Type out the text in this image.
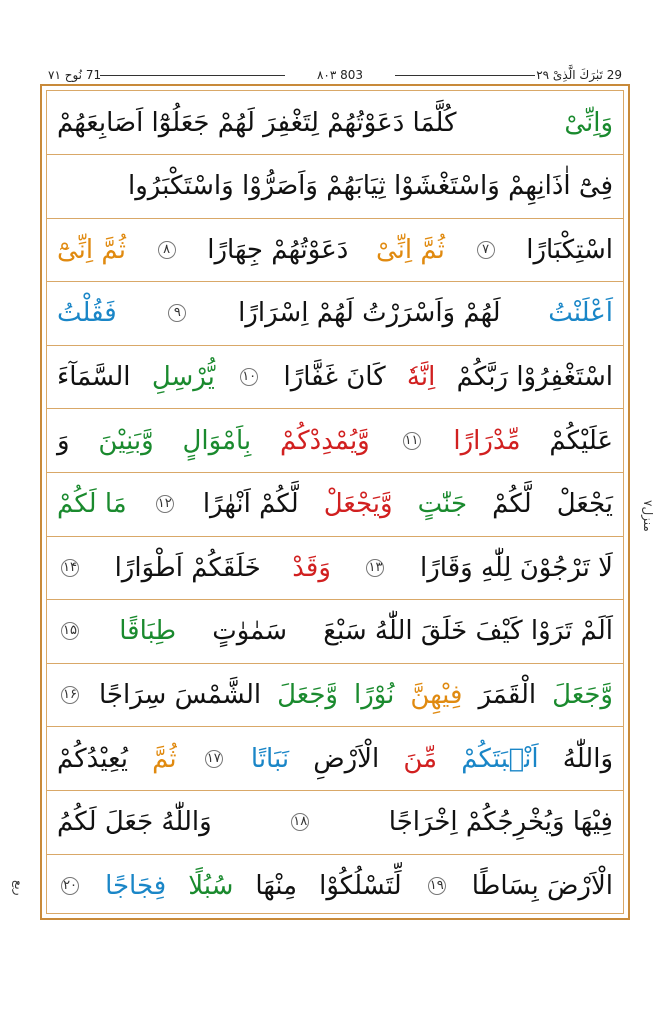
71 نُوح ۷۱	۸۰۳ 803	29 تَبٰرَكَ الَّذِىْ ۲۹
وَاِنِّىْ
كُلَّمَا دَعَوْتُهُمْ لِتَغْفِرَ لَهُمْ جَعَلُوْٓا اَصَابِعَهُمْ
فِىْٓ اٰذَانِهِمْ وَاسْتَغْشَوْا ثِيَابَهُمْ وَاَصَرُّوْا وَاسْتَكْبَرُوا
اسْتِكْبَارًا
۷
ثُمَّ اِنِّىْ
دَعَوْتُهُمْ جِهَارًا
۸
ثُمَّ اِنِّىْٓ
اَعْلَنْتُ
لَهُمْ وَاَسْرَرْتُ لَهُمْ اِسْرَارًا
۹
فَقُلْتُ
اسْتَغْفِرُوْا رَبَّكُمْ
اِنَّهٗ
كَانَ غَفَّارًا
۱۰
يُّرْسِلِ
السَّمَآءَ
عَلَيْكُمْ
مِّدْرَارًا
۱۱
وَّيُمْدِدْكُمْ
بِاَمْوَالٍ
وَّبَنِيْنَ
وَ
يَجْعَلْ
لَّكُمْ
جَنّٰتٍ
وَّيَجْعَلْ
لَّكُمْ اَنْهٰرًا
۱۲
مَا لَكُمْ
لَا تَرْجُوْنَ لِلّٰهِ وَقَارًا
۱۳
وَقَدْ
خَلَقَكُمْ اَطْوَارًا
۱۴
اَلَمْ تَرَوْا كَيْفَ خَلَقَ اللّٰهُ سَبْعَ
سَمٰوٰتٍ
طِبَاقًا
۱۵
وَّجَعَلَ
الْقَمَرَ
فِيْهِنَّ
نُوْرًا
وَّجَعَلَ
الشَّمْسَ سِرَاجًا
۱۶
وَاللّٰهُ
اَنْۢبَتَكُمْ
مِّنَ
الْاَرْضِ
نَبَاتًا
۱۷
ثُمَّ
يُعِيْدُكُمْ
فِيْهَا وَيُخْرِجُكُمْ اِخْرَاجًا
۱۸
وَاللّٰهُ جَعَلَ لَكُمُ
الْاَرْضَ بِسَاطًا
۱۹
لِّتَسْلُكُوْا
مِنْهَا
سُبُلًا
فِجَاجًا
۲۰
منزل۷
ربع
